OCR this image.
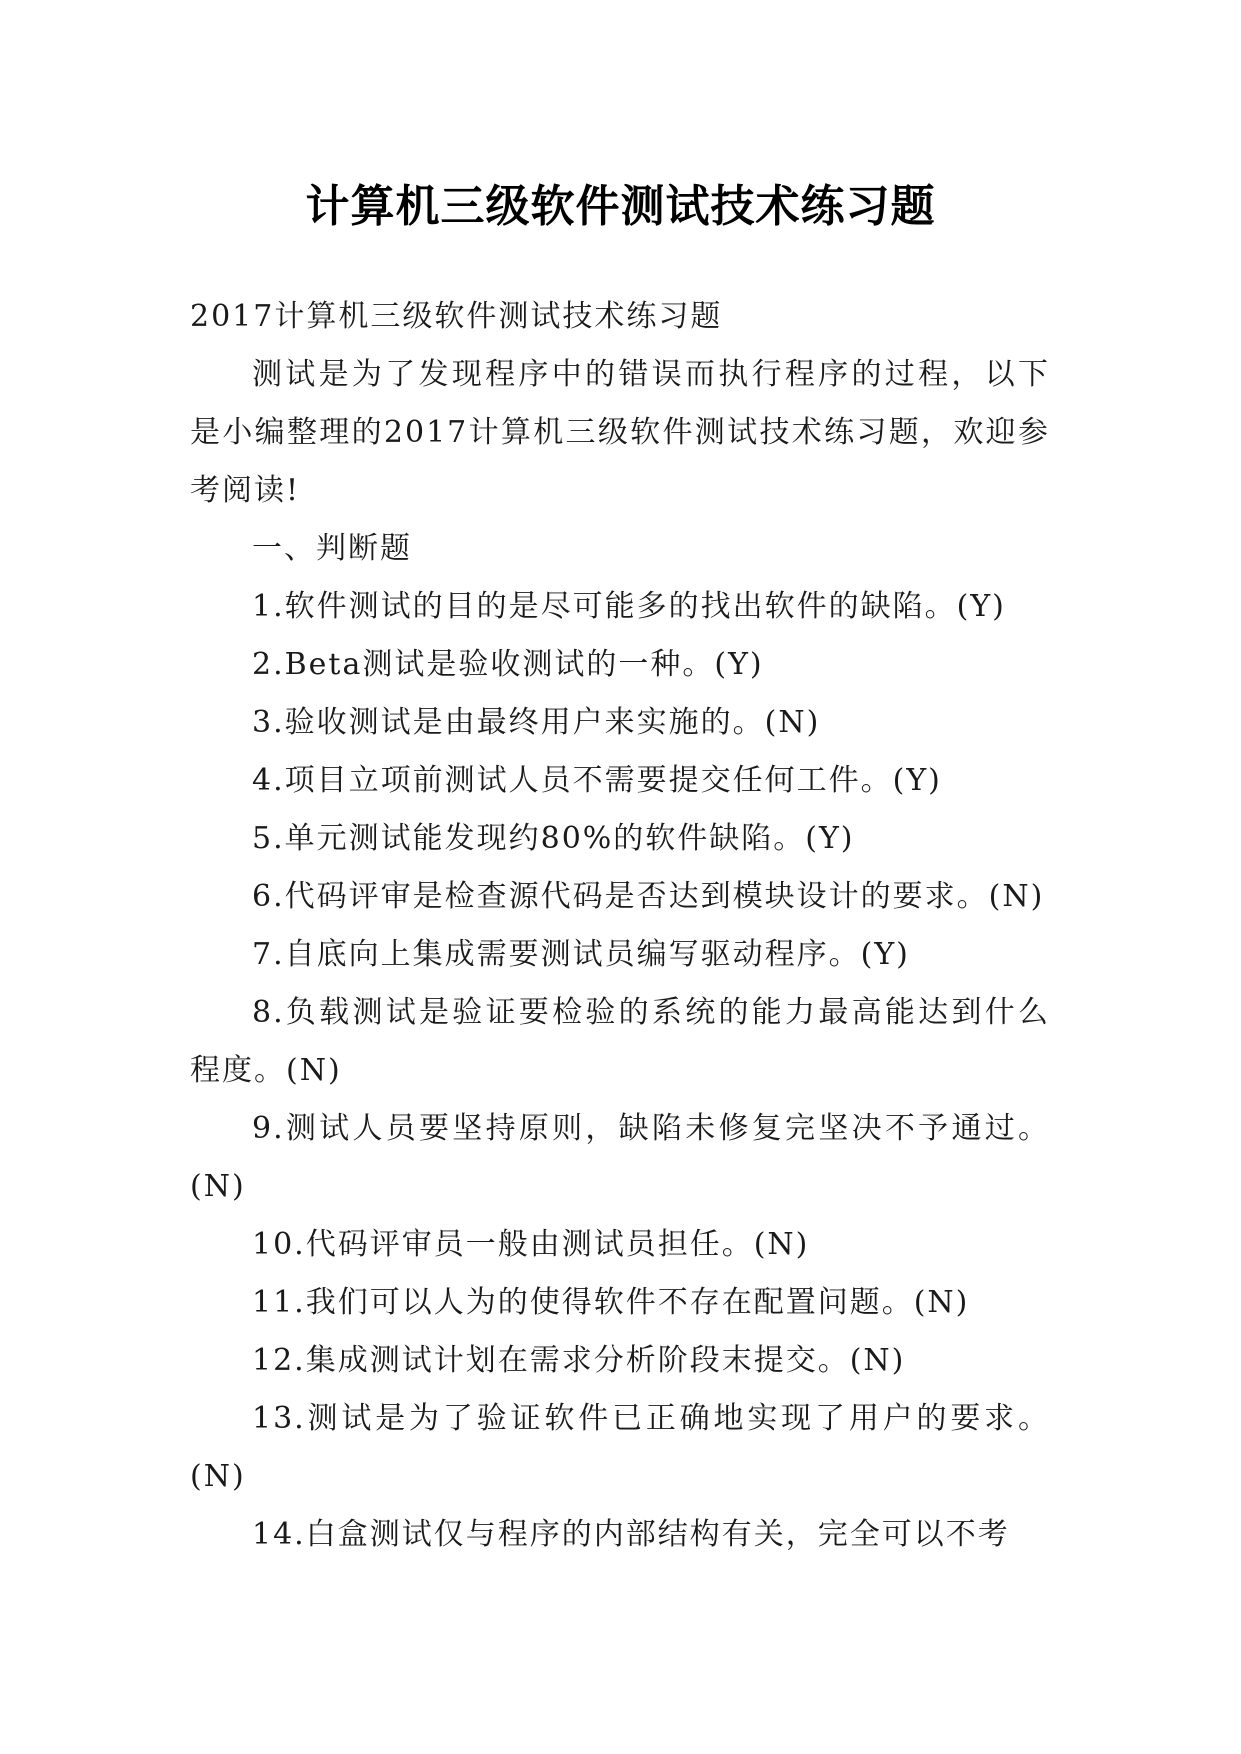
计算机三级软件测试技术练习题

2017计算机三级软件测试技术练习题

测试是为了发现程序中的错误而执行程序的过程，以下是小编整理的2017计算机三级软件测试技术练习题，欢迎参考阅读!

一、判断题

1.软件测试的目的是尽可能多的找出软件的缺陷。(Y)

2.Beta测试是验收测试的一种。(Y)

3.验收测试是由最终用户来实施的。(N)

4.项目立项前测试人员不需要提交任何工件。(Y)

5.单元测试能发现约80%的软件缺陷。(Y)

6.代码评审是检查源代码是否达到模块设计的要求。(N)

7.自底向上集成需要测试员编写驱动程序。(Y)

8.负载测试是验证要检验的系统的能力最高能达到什么程度。(N)

9.测试人员要坚持原则，缺陷未修复完坚决不予通过。(N)

10.代码评审员一般由测试员担任。(N)

11.我们可以人为的使得软件不存在配置问题。(N)

12.集成测试计划在需求分析阶段末提交。(N)

13.测试是为了验证软件已正确地实现了用户的要求。(N)

14.白盒测试仅与程序的内部结构有关，完全可以不考
